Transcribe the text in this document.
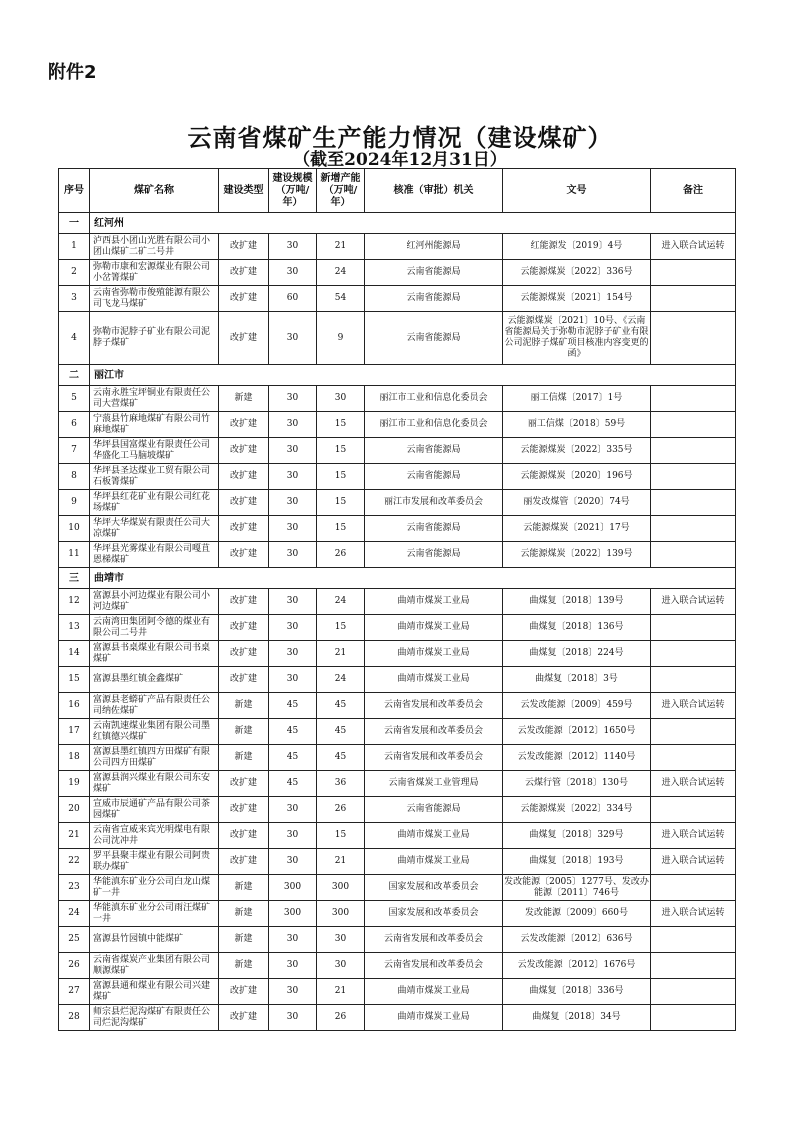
附件2
云南省煤矿生产能力情况（建设煤矿）
（截至2024年12月31日）
序号	煤矿名称	建设类型	建设规模（万吨/年）	新增产能（万吨/年）	核准（审批）机关	文号	备注
一	红河州						
1	泸西县小团山光胜有限公司小团山煤矿二矿二号井	改扩建	30	21	红河州能源局	红能源发〔2019〕4号	进入联合试运转
2	弥勒市康和宏源煤业有限公司小岔箐煤矿	改扩建	30	24	云南省能源局	云能源煤炭〔2022〕336号	
3	云南省弥勒市俊殖能源有限公司飞龙马煤矿	改扩建	60	54	云南省能源局	云能源煤炭〔2021〕154号	
4	弥勒市泥脖子矿业有限公司泥脖子煤矿	改扩建	30	9	云南省能源局	云能源煤炭〔2021〕10号、《云南省能源局关于弥勒市泥脖子矿业有限公司泥脖子煤矿项目核准内容变更的函》	
二	丽江市						
5	云南永胜宝坪铜业有限责任公司大营煤矿	新建	30	30	丽江市工业和信息化委员会	丽工信煤〔2017〕1号	
6	宁蒗县竹麻地煤矿有限公司竹麻地煤矿	改扩建	30	15	丽江市工业和信息化委员会	丽工信煤〔2018〕59号	
7	华坪县国富煤业有限责任公司华盛化工马脑坡煤矿	改扩建	30	15	云南省能源局	云能源煤炭〔2022〕335号	
8	华坪县圣达煤业工贸有限公司石板箐煤矿	改扩建	30	15	云南省能源局	云能源煤炭〔2020〕196号	
9	华坪县红花矿业有限公司红花场煤矿	改扩建	30	15	丽江市发展和改革委员会	丽发改煤管〔2020〕74号	
10	华坪大华煤炭有限责任公司大凉煤矿	改扩建	30	15	云南省能源局	云能源煤炭〔2021〕17号	
11	华坪县光雾煤业有限公司嘎苴恩梯煤矿	改扩建	30	26	云南省能源局	云能源煤炭〔2022〕139号	
三	曲靖市						
12	富源县小河边煤业有限公司小河边煤矿	改扩建	30	24	曲靖市煤炭工业局	曲煤复〔2018〕139号	进入联合试运转
13	云南湾田集团阿令德的煤业有限公司二号井	改扩建	30	15	曲靖市煤炭工业局	曲煤复〔2018〕136号	
14	富源县书桌煤业有限公司书桌煤矿	改扩建	30	21	曲靖市煤炭工业局	曲煤复〔2018〕224号	
15	富源县墨红镇金鑫煤矿	改扩建	30	24	曲靖市煤炭工业局	曲煤复〔2018〕3号	
16	富源县老蟒矿产品有限责任公司纳佐煤矿	新建	45	45	云南省发展和改革委员会	云发改能源〔2009〕459号	进入联合试运转
17	云南凯速煤业集团有限公司墨红镇德兴煤矿	新建	45	45	云南省发展和改革委员会	云发改能源〔2012〕1650号	
18	富源县墨红镇四方田煤矿有限公司四方田煤矿	新建	45	45	云南省发展和改革委员会	云发改能源〔2012〕1140号	
19	富源县润兴煤业有限公司东安煤矿	改扩建	45	36	云南省煤炭工业管理局	云煤行管〔2018〕130号	进入联合试运转
20	宣威市辰通矿产品有限公司茶园煤矿	改扩建	30	26	云南省能源局	云能源煤炭〔2022〕334号	
21	云南省宣威来宾光明煤电有限公司沈冲井	改扩建	30	15	曲靖市煤炭工业局	曲煤复〔2018〕329号	进入联合试运转
22	罗平县聚丰煤业有限公司阿贵联办煤矿	改扩建	30	21	曲靖市煤炭工业局	曲煤复〔2018〕193号	进入联合试运转
23	华能滇东矿业分公司白龙山煤矿一井	新建	300	300	国家发展和改革委员会	发改能源〔2005〕1277号、发改办能源〔2011〕746号	
24	华能滇东矿业分公司雨汪煤矿一井	新建	300	300	国家发展和改革委员会	发改能源〔2009〕660号	进入联合试运转
25	富源县竹园镇中能煤矿	新建	30	30	云南省发展和改革委员会	云发改能源〔2012〕636号	
26	云南省煤炭产业集团有限公司顺源煤矿	新建	30	30	云南省发展和改革委员会	云发改能源〔2012〕1676号	
27	富源县通和煤业有限公司兴建煤矿	改扩建	30	21	曲靖市煤炭工业局	曲煤复〔2018〕336号	
28	师宗县烂泥沟煤矿有限责任公司烂泥沟煤矿	改扩建	30	26	曲靖市煤炭工业局	曲煤复〔2018〕34号	
